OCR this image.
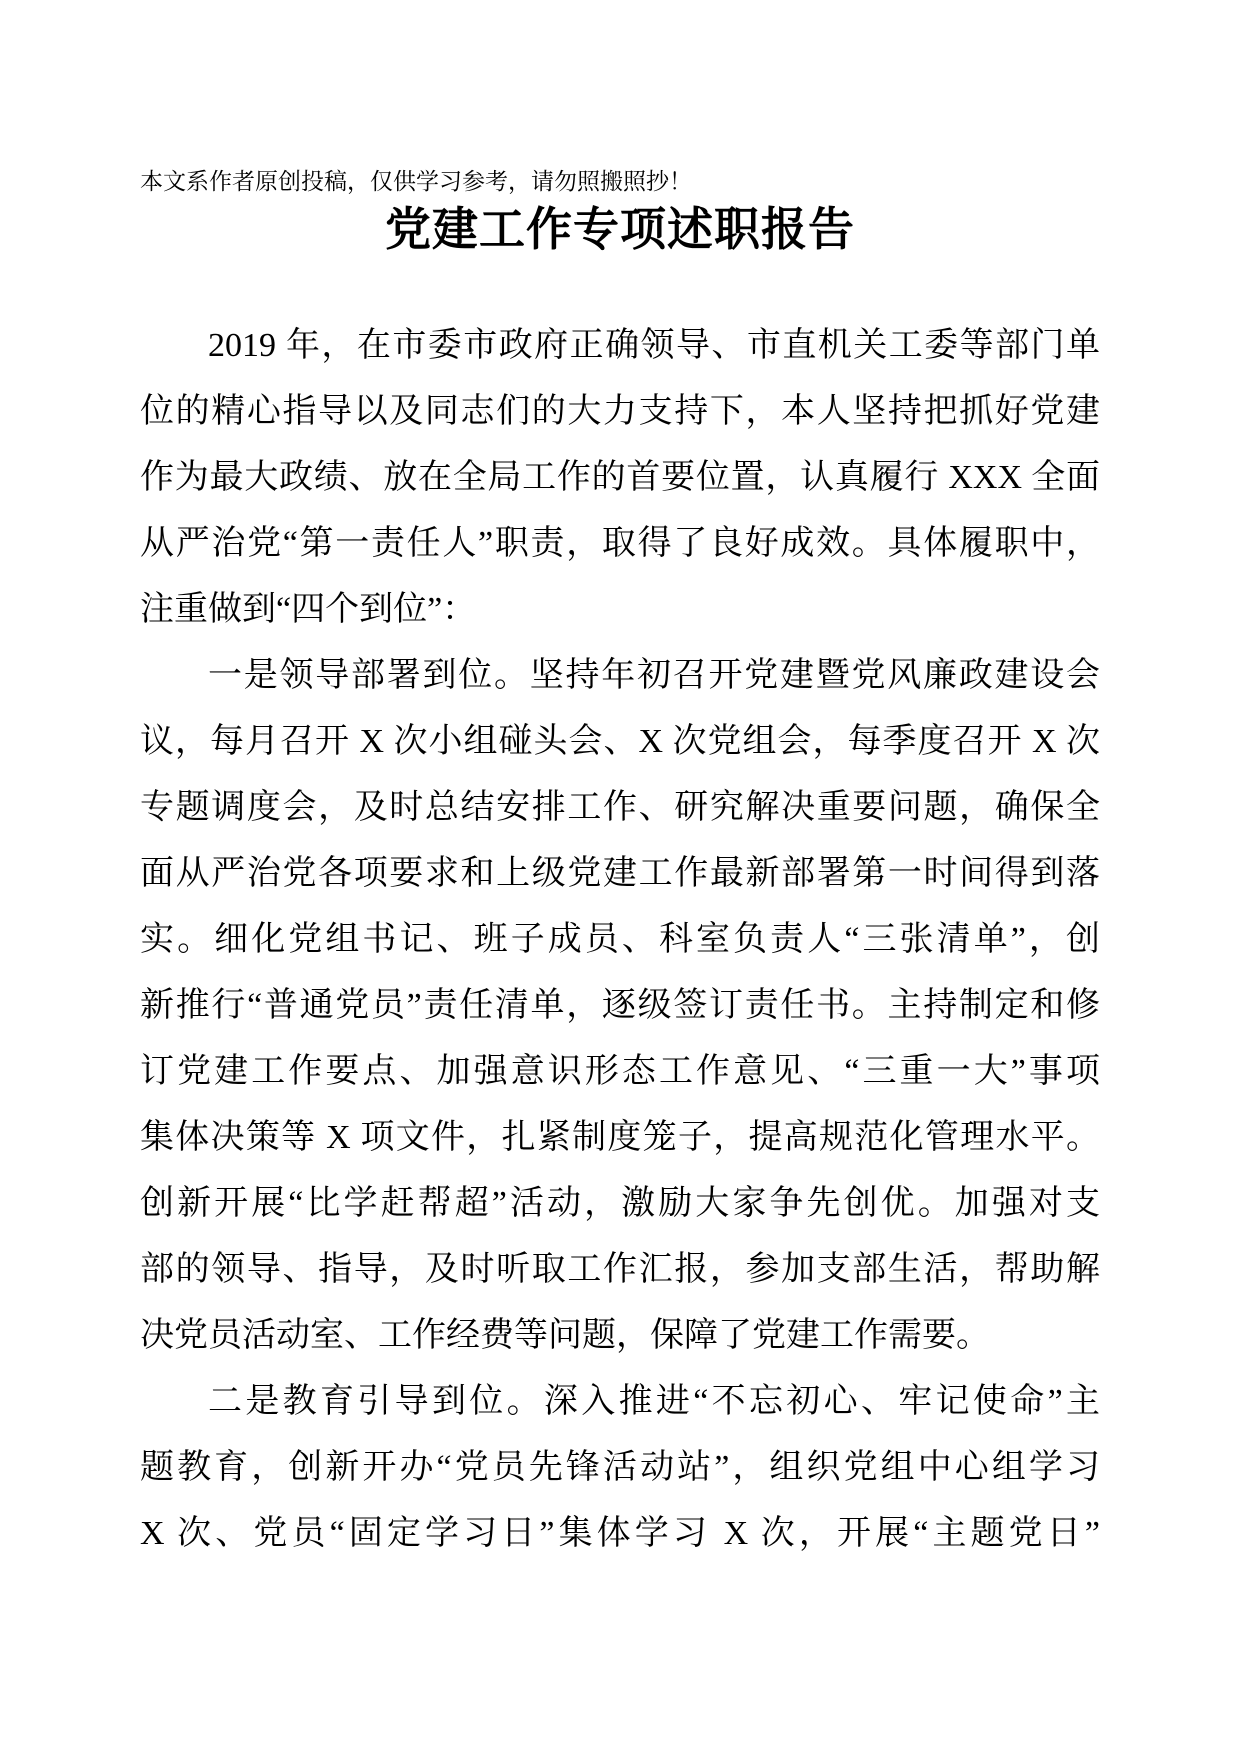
本文系作者原创投稿，仅供学习参考，请勿照搬照抄！
党建工作专项述职报告
2019 年，在市委市政府正确领导、市直机关工委等部门单
位的精心指导以及同志们的大力支持下，本人坚持把抓好党建
作为最大政绩、放在全局工作的首要位置，认真履行 XXX 全面
从严治党“第一责任人”职责，取得了良好成效。具体履职中，
注重做到“四个到位”：
一是领导部署到位。坚持年初召开党建暨党风廉政建设会
议，每月召开 X 次小组碰头会、X 次党组会，每季度召开 X 次
专题调度会，及时总结安排工作、研究解决重要问题，确保全
面从严治党各项要求和上级党建工作最新部署第一时间得到落
实。细化党组书记、班子成员、科室负责人“三张清单”，创
新推行“普通党员”责任清单，逐级签订责任书。主持制定和修
订党建工作要点、加强意识形态工作意见、“三重一大”事项
集体决策等 X 项文件，扎紧制度笼子，提高规范化管理水平。
创新开展“比学赶帮超”活动，激励大家争先创优。加强对支
部的领导、指导，及时听取工作汇报，参加支部生活，帮助解
决党员活动室、工作经费等问题，保障了党建工作需要。
二是教育引导到位。深入推进“不忘初心、牢记使命”主
题教育，创新开办“党员先锋活动站”，组织党组中心组学习
X 次、党员“固定学习日”集体学习 X 次，开展“主题党日”
